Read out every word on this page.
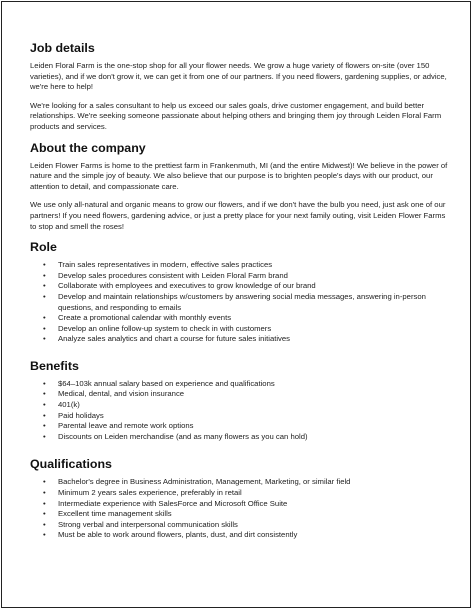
Job details

Leiden Floral Farm is the one-stop shop for all your flower needs. We grow a huge variety of flowers on-site (over 150 varieties), and if we don't grow it, we can get it from one of our partners. If you need flowers, gardening supplies, or advice, we're here to help!

We're looking for a sales consultant to help us exceed our sales goals, drive customer engagement, and build better relationships. We're seeking someone passionate about helping others and bringing them joy through Leiden Floral Farm products and services.

About the company

Leiden Flower Farms is home to the prettiest farm in Frankenmuth, MI (and the entire Midwest)! We believe in the power of nature and the simple joy of beauty. We also believe that our purpose is to brighten people's days with our product, our attention to detail, and compassionate care.

We use only all-natural and organic means to grow our flowers, and if we don't have the bulb you need, just ask one of our partners! If you need flowers, gardening advice, or just a pretty place for your next family outing, visit Leiden Flower Farms to stop and smell the roses!

Role
• Train sales representatives in modern, effective sales practices
• Develop sales procedures consistent with Leiden Floral Farm brand
• Collaborate with employees and executives to grow knowledge of our brand
• Develop and maintain relationships w/customers by answering social media messages, answering in-person questions, and responding to emails
• Create a promotional calendar with monthly events
• Develop an online follow-up system to check in with customers
• Analyze sales analytics and chart a course for future sales initiatives
Benefits
• $64–103k annual salary based on experience and qualifications
• Medical, dental, and vision insurance
• 401(k)
• Paid holidays
• Parental leave and remote work options
• Discounts on Leiden merchandise (and as many flowers as you can hold)
Qualifications
• Bachelor's degree in Business Administration, Management, Marketing, or similar field
• Minimum 2 years sales experience, preferably in retail
• Intermediate experience with SalesForce and Microsoft Office Suite
• Excellent time management skills
• Strong verbal and interpersonal communication skills
• Must be able to work around flowers, plants, dust, and dirt consistently
